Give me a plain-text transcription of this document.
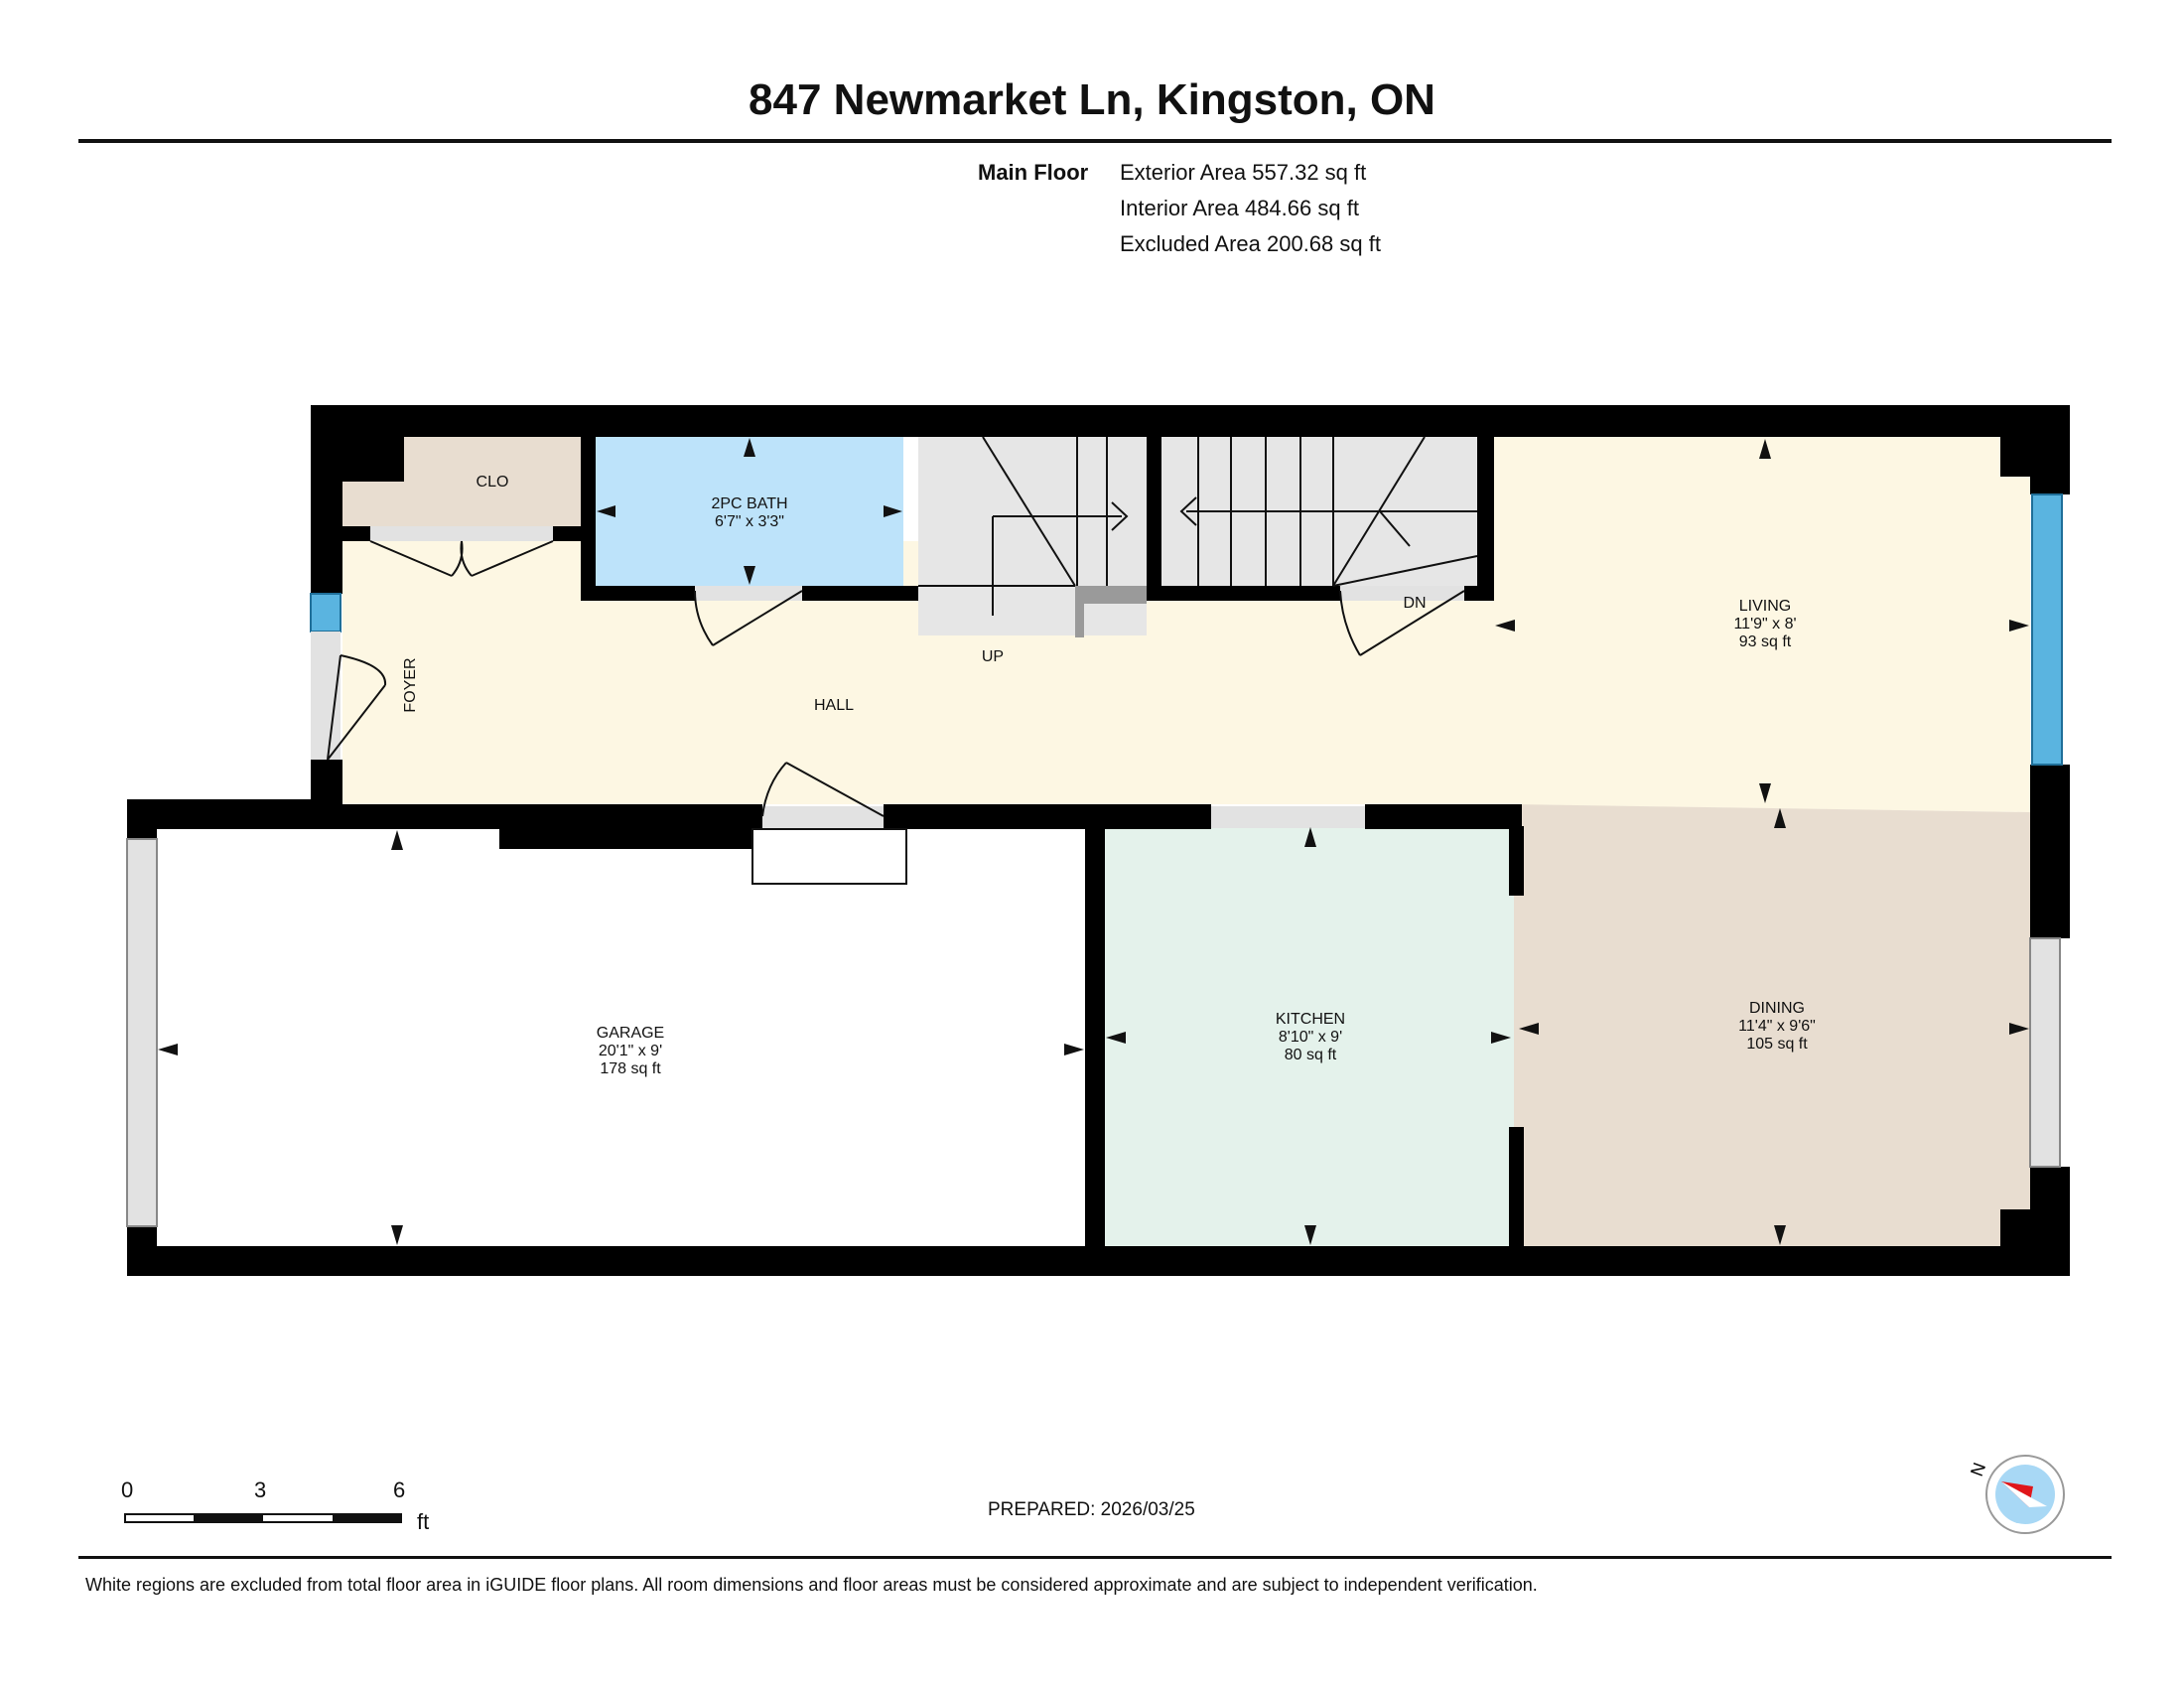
847 Newmarket Ln, Kingston, ON
Main Floor Exterior Area 557.32 sq ft
Interior Area 484.66 sq ft
Excluded Area 200.68 sq ft
CLO
2PC BATH
6'7" x 3'3"
FOYER	HALL
UP
DN	LIVING
11'9" x 8'
93 sq ft
GARAGE
20'1" x 9'
178 sq ft
KITCHEN
8'10" x 9'
80 sq ft
DINING
11'4" x 9'6"
105 sq ft
N
0	3	6
ft	PREPARED: 2026/03/25
White regions are excluded from total floor area in iGUIDE floor plans. All room dimensions and floor areas must be considered approximate and are subject to independent verification.
